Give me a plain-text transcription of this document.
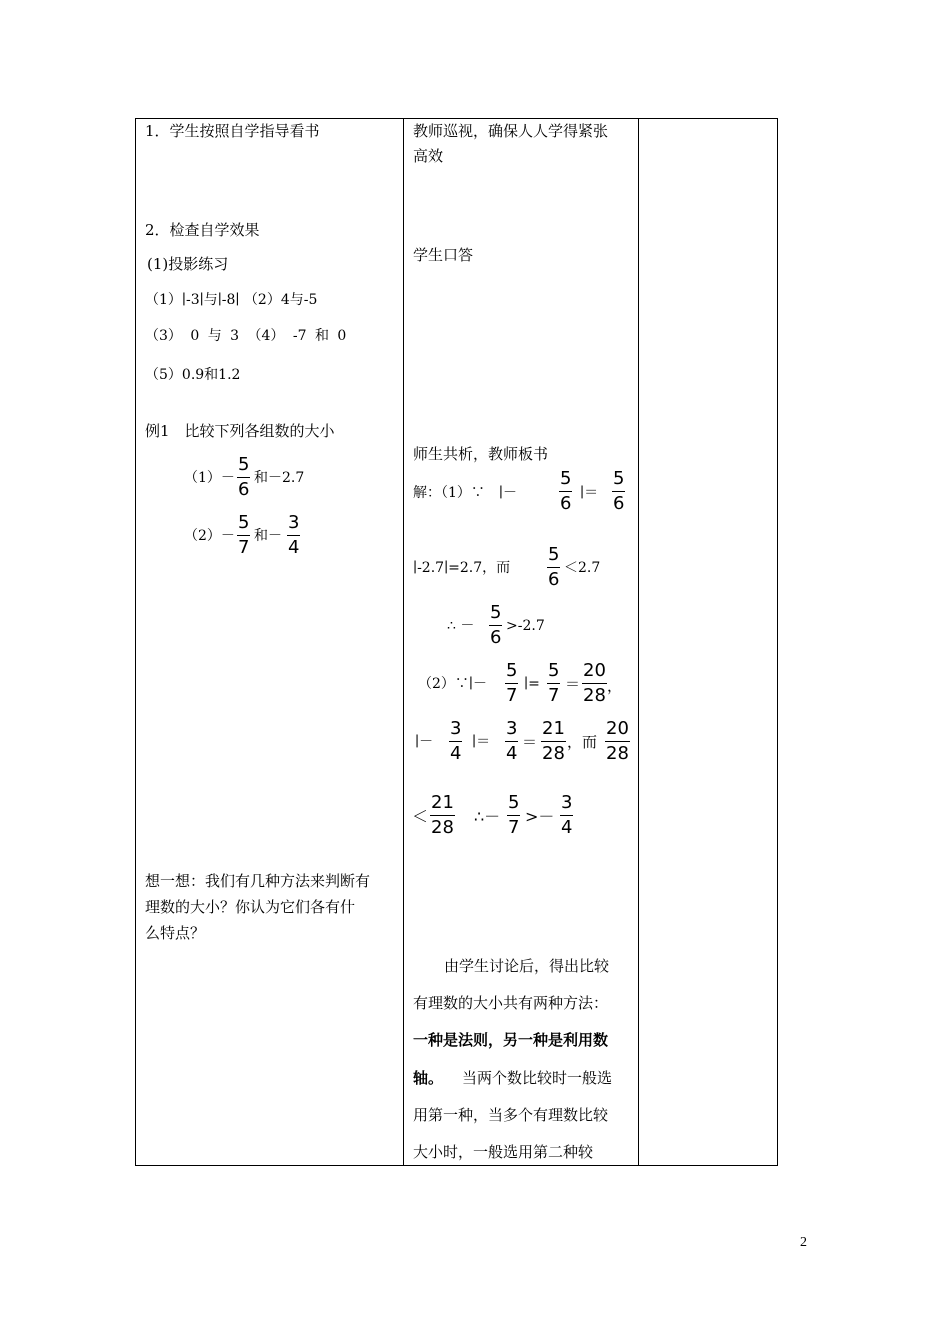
1．学生按照自学指导看书
2．检查自学效果
(1)投影练习
（1）∣-3∣与∣-8∣ （2）4与-5
（3） 0 与 3 （4） -7 和 0
（5）0.9和1.2
例1　比较下列各组数的大小
$(1)- \frac{5}{6}$ 和－2.7
$(2)- \frac{5}{7}$ 和－ $\frac{3}{4}$
想一想：我们有几种方法来判断有
理数的大小？你认为它们各有什
么特点？
教师巡视，确保人人学得紧张
高效
学生口答
师生共析，教师板书
解：（1）∵　∣－ $\frac{5}{6}$ ∣＝ $\frac{5}{6}$
∣-2.7∣=2.7，而 $\frac{5}{6} <2.7$
∴ － $\frac{5}{6} >-2.7$
（2）∵∣－ $\frac{5}{7}$ ∣= $\frac{5}{7} = \frac{20}{28}$ ，
∣－ $\frac{3}{4}$ ∣＝ $\frac{3}{4} = \frac{21}{28}$ ，而 $\frac{20}{28}$
＜ $\frac{21}{28}$ ∴－ $\frac{5}{7} >- \frac{3}{4}$
由学生讨论后，得出比较
有理数的大小共有两种方法：
一种是法则，另一种是利用数
轴。 当两个数比较时一般选
用第一种，当多个有理数比较
大小时，一般选用第二种较
2
